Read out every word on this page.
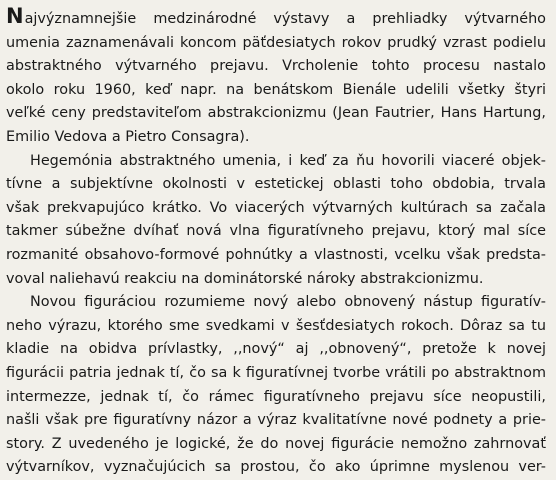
N ajvýznamnejšie medzinárodné výstavy a prehliadky výtvarného
umenia zaznamenávali koncom päťdesiatych rokov prudký vzrast podielu
abstraktného výtvarného prejavu. Vrcholenie tohto procesu nastalo
okolo roku 1960, keď napr. na benátskom Bienále udelili všetky štyri
veľké ceny predstaviteľom abstrakcionizmu (Jean Fautrier, Hans Hartung,
Emilio Vedova a Pietro Consagra).

Hegemónia abstraktného umenia, i keď za ňu hovorili viaceré objek-
tívne a subjektívne okolnosti v estetickej oblasti toho obdobia, trvala
však prekvapujúco krátko. Vo viacerých výtvarných kultúrach sa začala
takmer súbežne dvíhať nová vlna figuratívneho prejavu, ktorý mal síce
rozmanité obsahovo-formové pohnútky a vlastnosti, vcelku však predsta-
voval naliehavú reakciu na dominátorské nároky abstrakcionizmu.

Novou figuráciou rozumieme nový alebo obnovený nástup figuratív-
neho výrazu, ktorého sme svedkami v šesťdesiatych rokoch. Dôraz sa tu
kladie na obidva prívlastky, ,,nový“ aj ,,obnovený“, pretože k novej
figurácii patria jednak tí, čo sa k figuratívnej tvorbe vrátili po abstraktnom
intermezze, jednak tí, čo rámec figuratívneho prejavu síce neopustili,
našli však pre figuratívny názor a výraz kvalitatívne nové podnety a prie-
story. Z uvedeného je logické, že do novej figurácie nemožno zahrnovať
výtvarníkov, vyznačujúcich sa prostou, čo ako úprimne myslenou ver-
